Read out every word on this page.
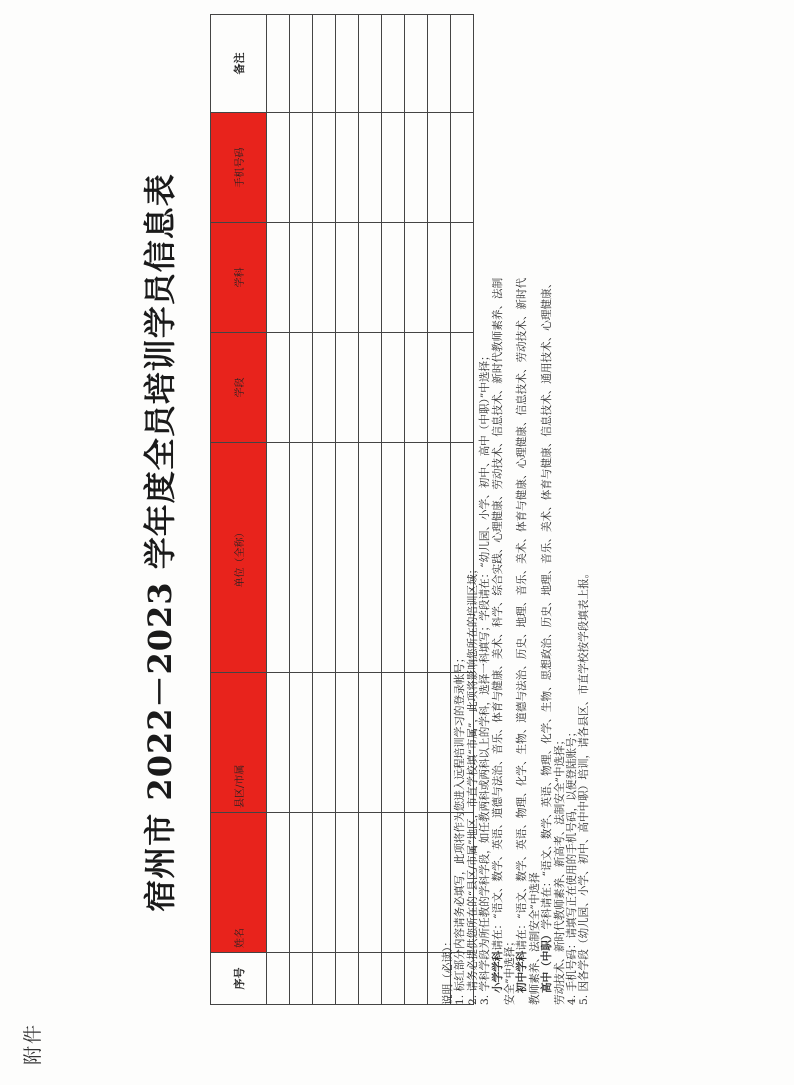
附件
宿州市 2022－2023 学年度全员培训学员信息表
序号	姓名	县区/市属	单位（全称）	学段	学科	手机号码	备注

说明（必读）： 1. 标红部分内容请务必填写，此项将作为您进入远程培训学习的登录帐号； 2. 请务必提供您所在的“县区/市属”地区，市直学校填“市属”，此项将影响您所在的培训区域； 3. 学科学段为所任教的学科学段，如任教两科或两科以上的学科，选择一科填写；学段请在：“幼儿园、小学、初中、高中（中职）”中选择； 小学学科请在：“语文、数学、英语、道德与法治、音乐、体育与健康、美术、科学、综合实践、心理健康、劳动技术、信息技术、新时代教师素养、法制
安全”中选择； 初中学科请在：“语文、数学、英语、物理、化学、生物、道德与法治、历史、地理、音乐、美术、体育与健康、心理健康、信息技术、劳动技术、新时代 教师素养、法制安全”中选择 高中（中职）学科请在：“语文、数学、英语、物理、化学、生物、思想政治、历史、地理、音乐、美术、体育与健康、信息技术、通用技术、心理健康、 劳动技术、新时代教师素养、新高考、法制安全”中选择； 4. 手机号码：请填写正在使用的手机号码，以便登陆账号； 5. 因各学段（幼儿园、小学、初中、高中中职）培训，请各县区、市直学校按学段填表上报。
